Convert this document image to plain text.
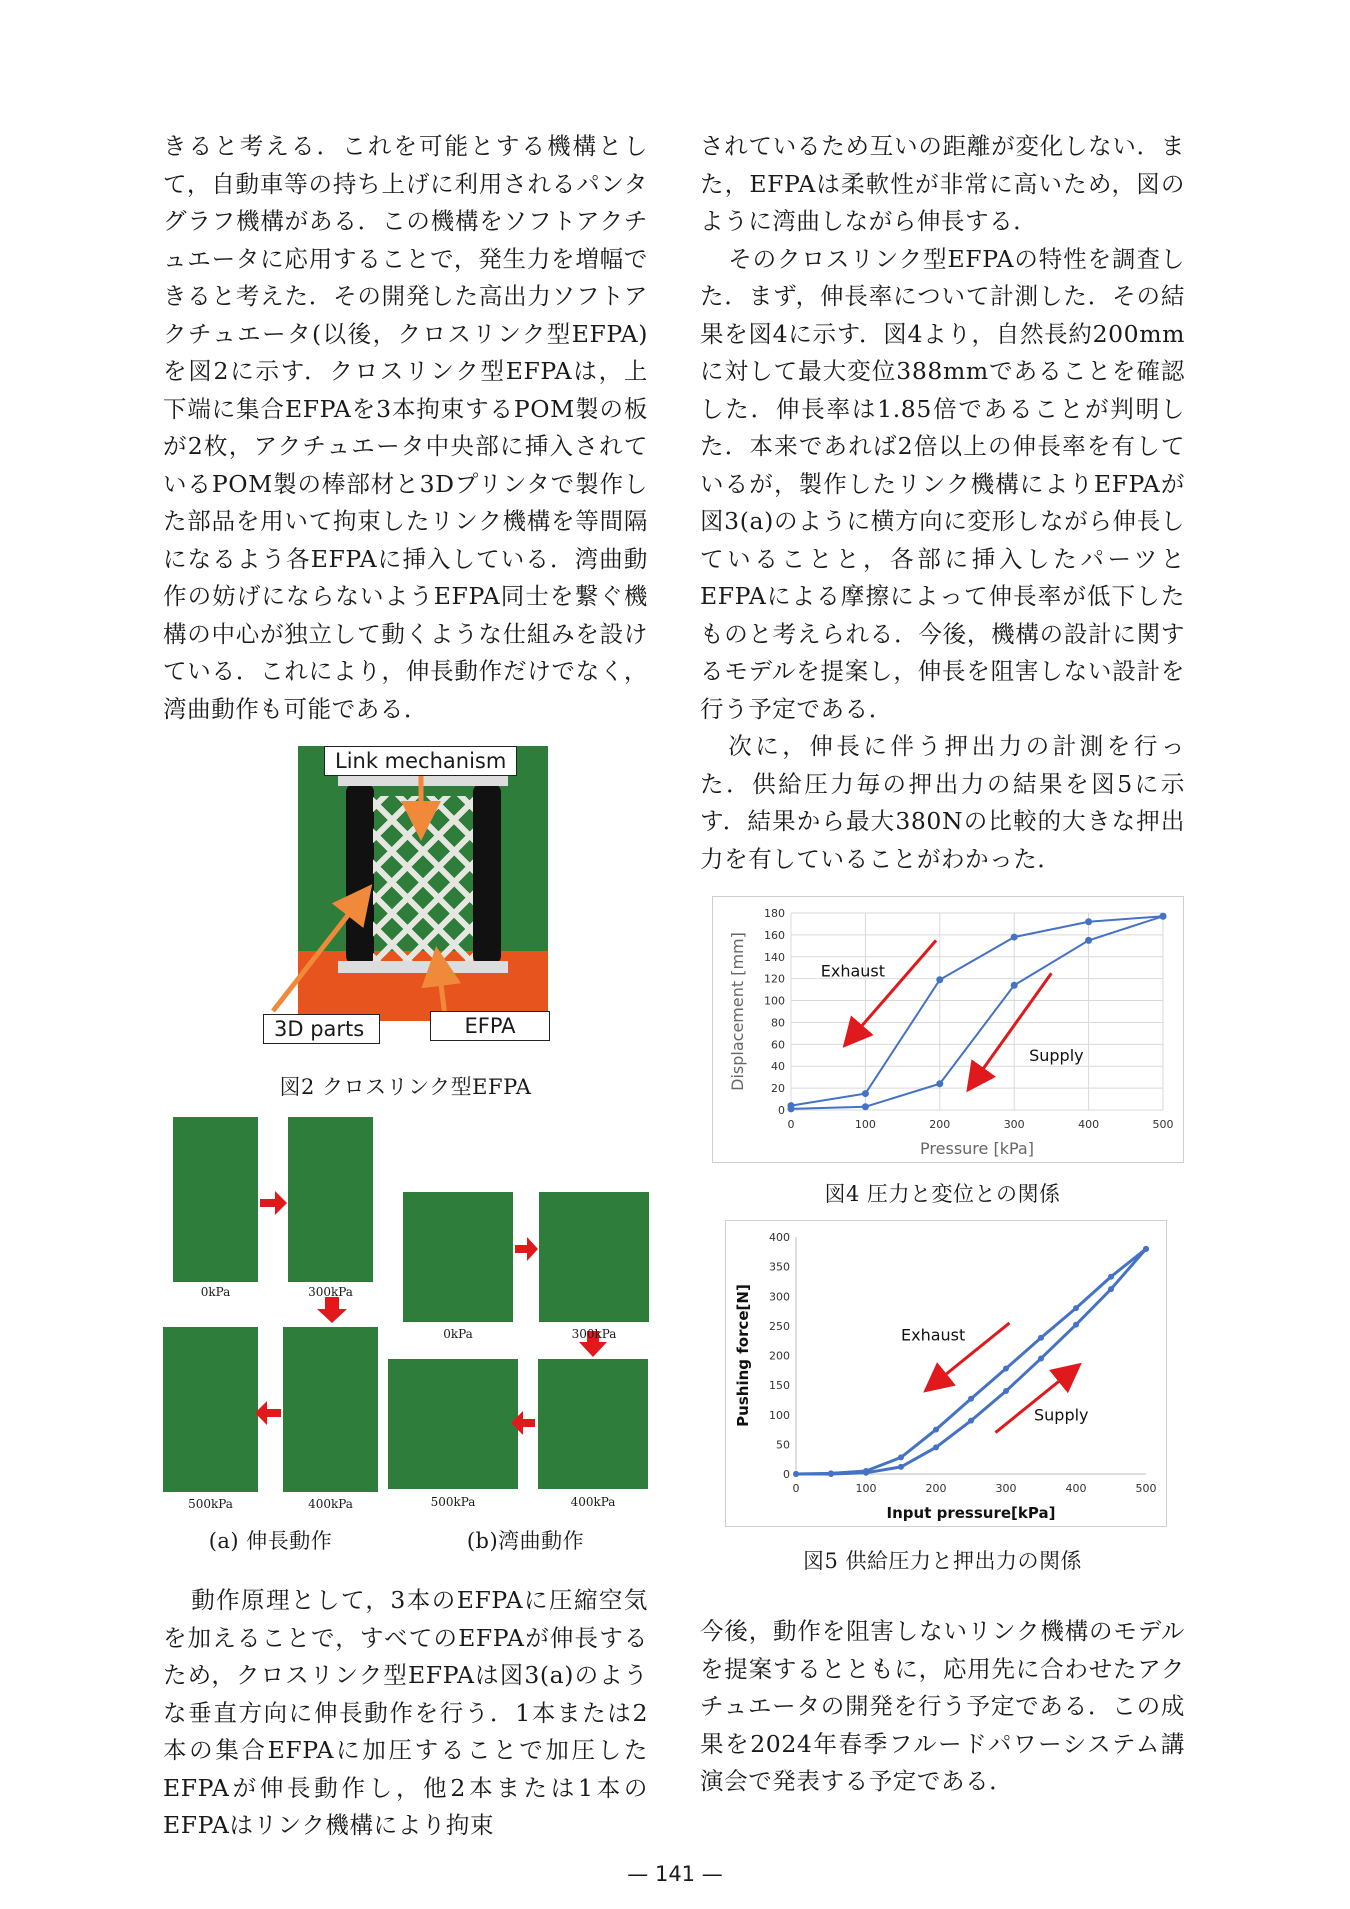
きると考える．これを可能とする機構として，自動車等の持ち上げに利用されるパンタグラフ機構がある．この機構をソフトアクチュエータに応用することで，発生力を増幅できると考えた．その開発した高出力ソフトアクチュエータ(以後，クロスリンク型EFPA)を図2に示す．クロスリンク型EFPAは，上下端に集合EFPAを3本拘束するPOM製の板が2枚，アクチュエータ中央部に挿入されているPOM製の棒部材と3Dプリンタで製作した部品を用いて拘束したリンク機構を等間隔になるよう各EFPAに挿入している．湾曲動作の妨げにならないようEFPA同士を繋ぐ機構の中心が独立して動くような仕組みを設けている．これにより，伸長動作だけでなく，湾曲動作も可能である．

Link mechanism
3D parts	EFPA
図2 クロスリンク型EFPA
0kPa	300kPa
500kPa	400kPa
0kPa	300kPa
500kPa	400kPa
(a) 伸長動作	(b)湾曲動作

動作原理として，3本のEFPAに圧縮空気を加えることで，すべてのEFPAが伸長するため，クロスリンク型EFPAは図3(a)のような垂直方向に伸長動作を行う．1本または2本の集合EFPAに加圧することで加圧したEFPAが伸長動作し，他2本または1本のEFPAはリンク機構により拘束

されているため互いの距離が変化しない．また，EFPAは柔軟性が非常に高いため，図のように湾曲しながら伸長する．

そのクロスリンク型EFPAの特性を調査した．まず，伸長率について計測した．その結果を図4に示す．図4より，自然長約200mmに対して最大変位388mmであることを確認した．伸長率は1.85倍であることが判明した．本来であれば2倍以上の伸長率を有しているが，製作したリンク機構によりEFPAが図3(a)のように横方向に変形しながら伸長していることと，各部に挿入したパーツとEFPAによる摩擦によって伸長率が低下したものと考えられる．今後，機構の設計に関するモデルを提案し，伸長を阻害しない設計を行う予定である．

次に，伸長に伴う押出力の計測を行った．供給圧力毎の押出力の結果を図5に示す．結果から最大380Nの比較的大きな押出力を有していることがわかった．

0
20
40
60
80
100
120
140
160
180
0	100	200	300	400	500
Pressure [kPa]
Displacement [mm]	Exhaust
Supply
図4 圧力と変位との関係
0
50
100
150
200
250
300
350
400
0	100	200	300	400	500
Input pressure[kPa]
Pushing force[N]	Exhaust
Supply
図5 供給圧力と押出力の関係

今後，動作を阻害しないリンク機構のモデルを提案するとともに，応用先に合わせたアクチュエータの開発を行う予定である．この成果を2024年春季フルードパワーシステム講演会で発表する予定である．

— 141 —
